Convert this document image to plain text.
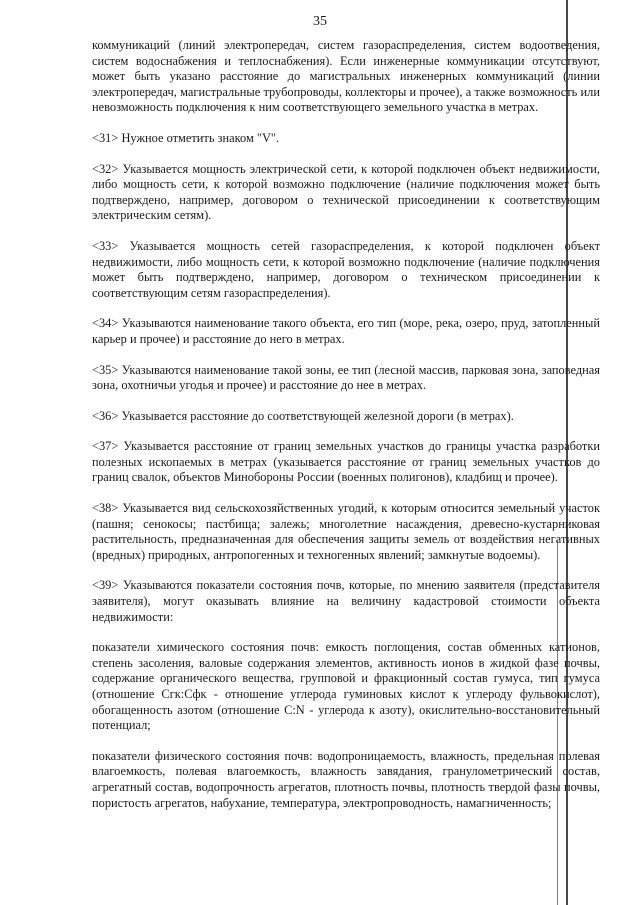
35

коммуникаций (линий электропередач, систем газораспределения, систем водоотведения, систем водоснабжения и теплоснабжения). Если инженерные коммуникации отсутствуют, может быть указано расстояние до магистральных инженерных коммуникаций (линии электропередач, магистральные трубопроводы, коллекторы и прочее), а также возможность или невозможность подключения к ним соответствующего земельного участка в метрах.

<31> Нужное отметить знаком "V".

<32> Указывается мощность электрической сети, к которой подключен объект недвижимости, либо мощность сети, к которой возможно подключение (наличие подключения может быть подтверждено, например, договором о технической присоединении к соответствующим электрическим сетям).

<33> Указывается мощность сетей газораспределения, к которой подключен объект недвижимости, либо мощность сети, к которой возможно подключение (наличие подключения может быть подтверждено, например, договором о техническом присоединении к соответствующим сетям газораспределения).

<34> Указываются наименование такого объекта, его тип (море, река, озеро, пруд, затопленный карьер и прочее) и расстояние до него в метрах.

<35> Указываются наименование такой зоны, ее тип (лесной массив, парковая зона, заповедная зона, охотничьи угодья и прочее) и расстояние до нее в метрах.

<36> Указывается расстояние до соответствующей железной дороги (в метрах).

<37> Указывается расстояние от границ земельных участков до границы участка разработки полезных ископаемых в метрах (указывается расстояние от границ земельных участков до границ свалок, объектов Минобороны России (военных полигонов), кладбищ и прочее).

<38> Указывается вид сельскохозяйственных угодий, к которым относится земельный участок (пашня; сенокосы; пастбища; залежь; многолетние насаждения, древесно-кустарниковая растительность, предназначенная для обеспечения защиты земель от воздействия негативных (вредных) природных, антропогенных и техногенных явлений; замкнутые водоемы).

<39> Указываются показатели состояния почв, которые, по мнению заявителя (представителя заявителя), могут оказывать влияние на величину кадастровой стоимости объекта недвижимости:

показатели химического состояния почв: емкость поглощения, состав обменных катионов, степень засоления, валовые содержания элементов, активность ионов в жидкой фазе почвы, содержание органического вещества, групповой и фракционный состав гумуса, тип гумуса (отношение Сгк:Сфк - отношение углерода гуминовых кислот к углероду фульвокислот), обогащенность азотом (отношение С:N - углерода к азоту), окислительно-восстановительный потенциал;

показатели физического состояния почв: водопроницаемость, влажность, предельная полевая влагоемкость, полевая влагоемкость, влажность завядания, гранулометрический состав, агрегатный состав, водопрочность агрегатов, плотность почвы, плотность твердой фазы почвы, пористость агрегатов, набухание, температура, электропроводность, намагниченность;
